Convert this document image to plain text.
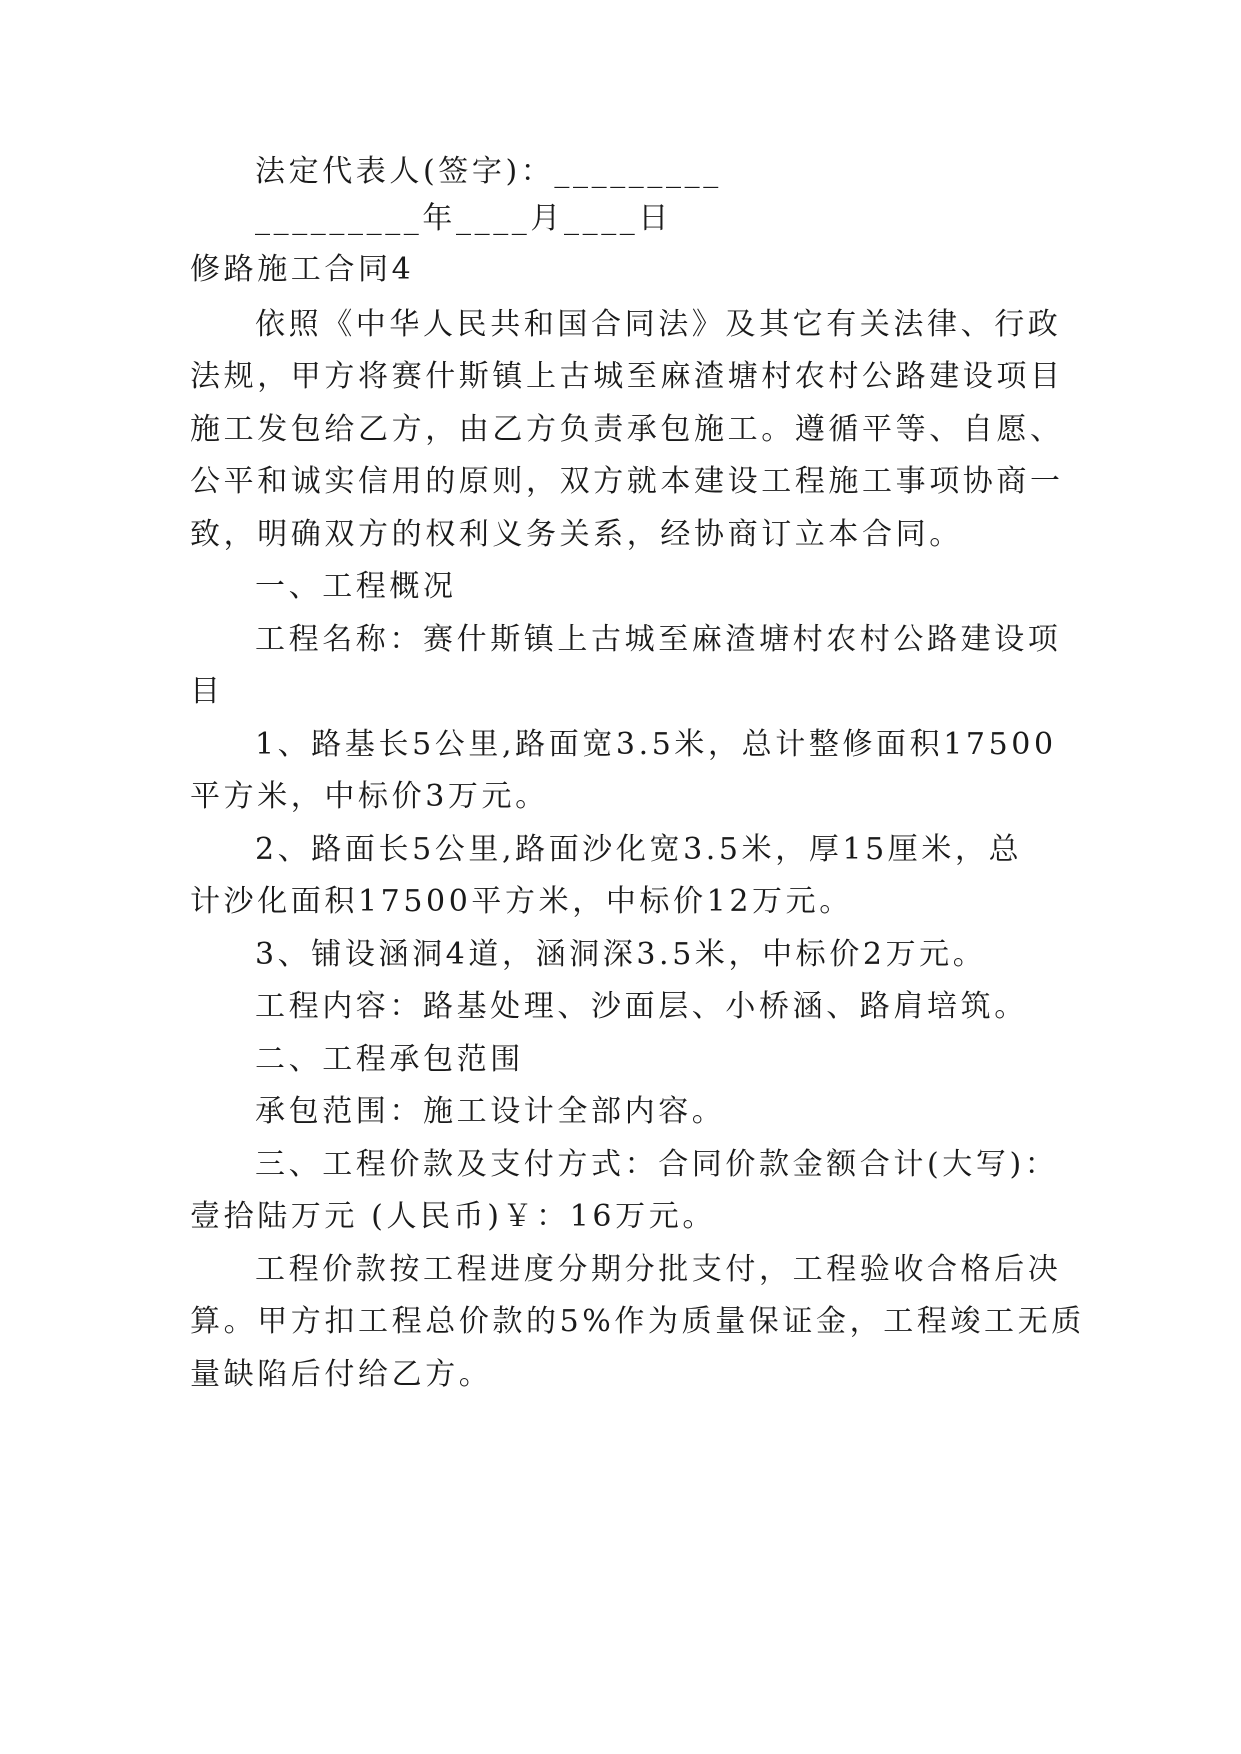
法定代表人(签字)：_________
_________年____月____日
修路施工合同4
依照《中华人民共和国合同法》及其它有关法律、行政
法规，甲方将赛什斯镇上古城至麻渣塘村农村公路建设项目
施工发包给乙方，由乙方负责承包施工。遵循平等、自愿、
公平和诚实信用的原则，双方就本建设工程施工事项协商一
致，明确双方的权利义务关系，经协商订立本合同。
一、工程概况
工程名称：赛什斯镇上古城至麻渣塘村农村公路建设项
目
1、路基长5公里,路面宽3.5米，总计整修面积17500
平方米，中标价3万元。
2、路面长5公里,路面沙化宽3.5米，厚15厘米，总
计沙化面积17500平方米，中标价12万元。
3、铺设涵洞4道，涵洞深3.5米，中标价2万元。
工程内容：路基处理、沙面层、小桥涵、路肩培筑。
二、工程承包范围
承包范围：施工设计全部内容。
三、工程价款及支付方式：合同价款金额合计(大写)：
壹拾陆万元 (人民币)￥：16万元。
工程价款按工程进度分期分批支付，工程验收合格后决
算。甲方扣工程总价款的5%作为质量保证金，工程竣工无质
量缺陷后付给乙方。
